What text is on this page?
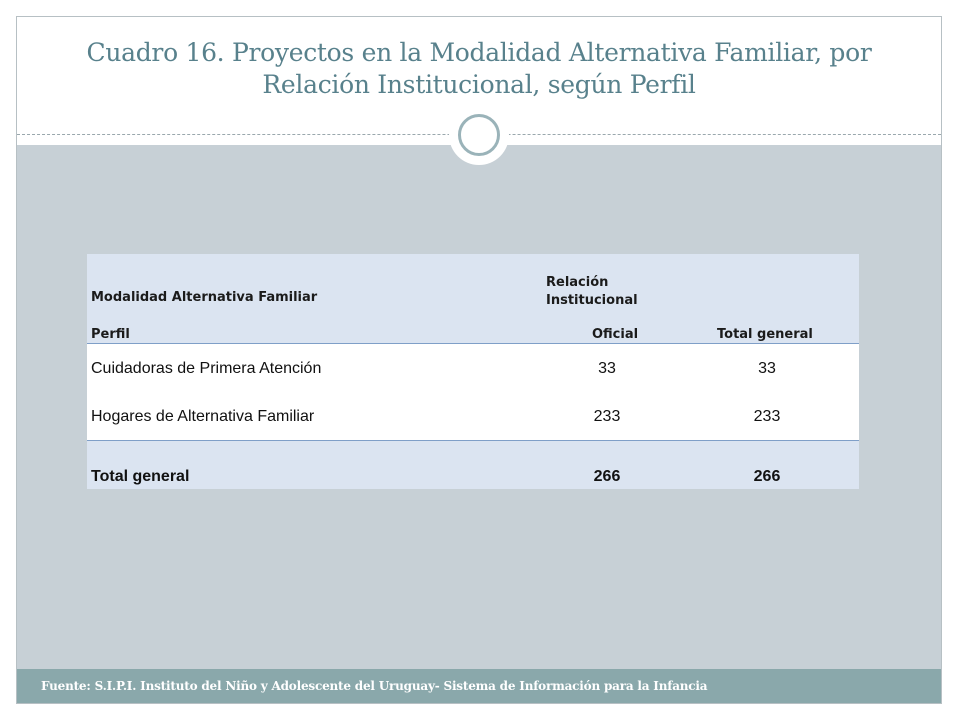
Cuadro 16. Proyectos en la Modalidad Alternativa Familiar, por Relación Institucional, según Perfil
Modalidad Alternativa Familiar
Relación Institucional
Perfil	Oficial	Total general
Cuidadoras de Primera Atención	33	33
Hogares de Alternativa Familiar	233	233
Total general	266	266
Fuente: S.I.P.I. Instituto del Niño y Adolescente del Uruguay- Sistema de Información para la Infancia
